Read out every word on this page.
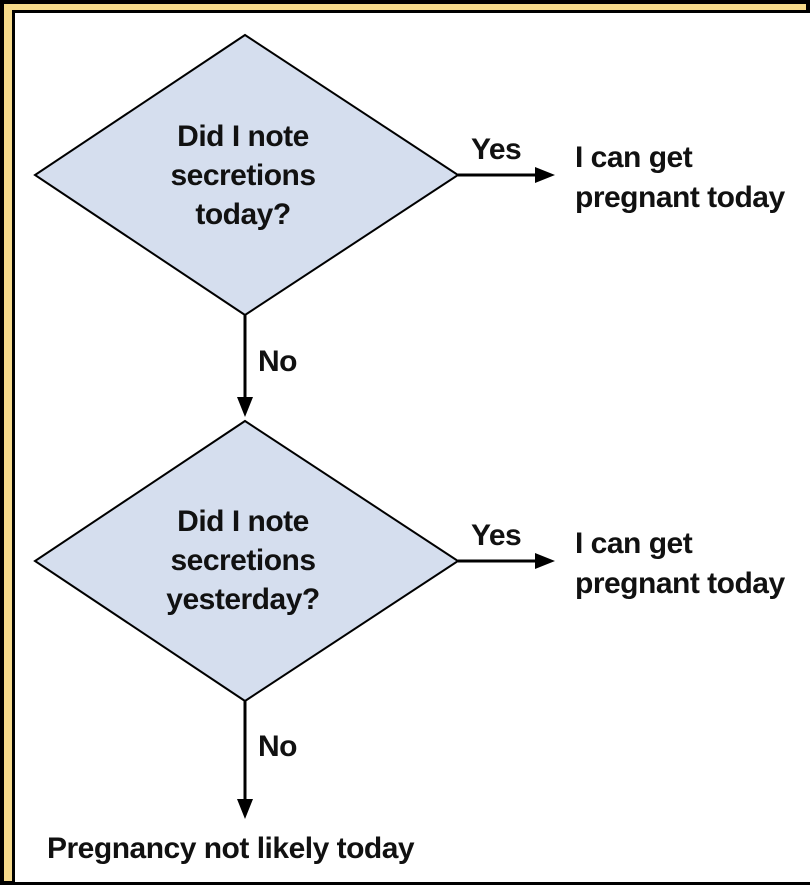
Did I note
secretions
today?
Yes I can get
pregnant today
No
Did I note
secretions
yesterday?
Yes I can get
pregnant today
No
Pregnancy not likely today
